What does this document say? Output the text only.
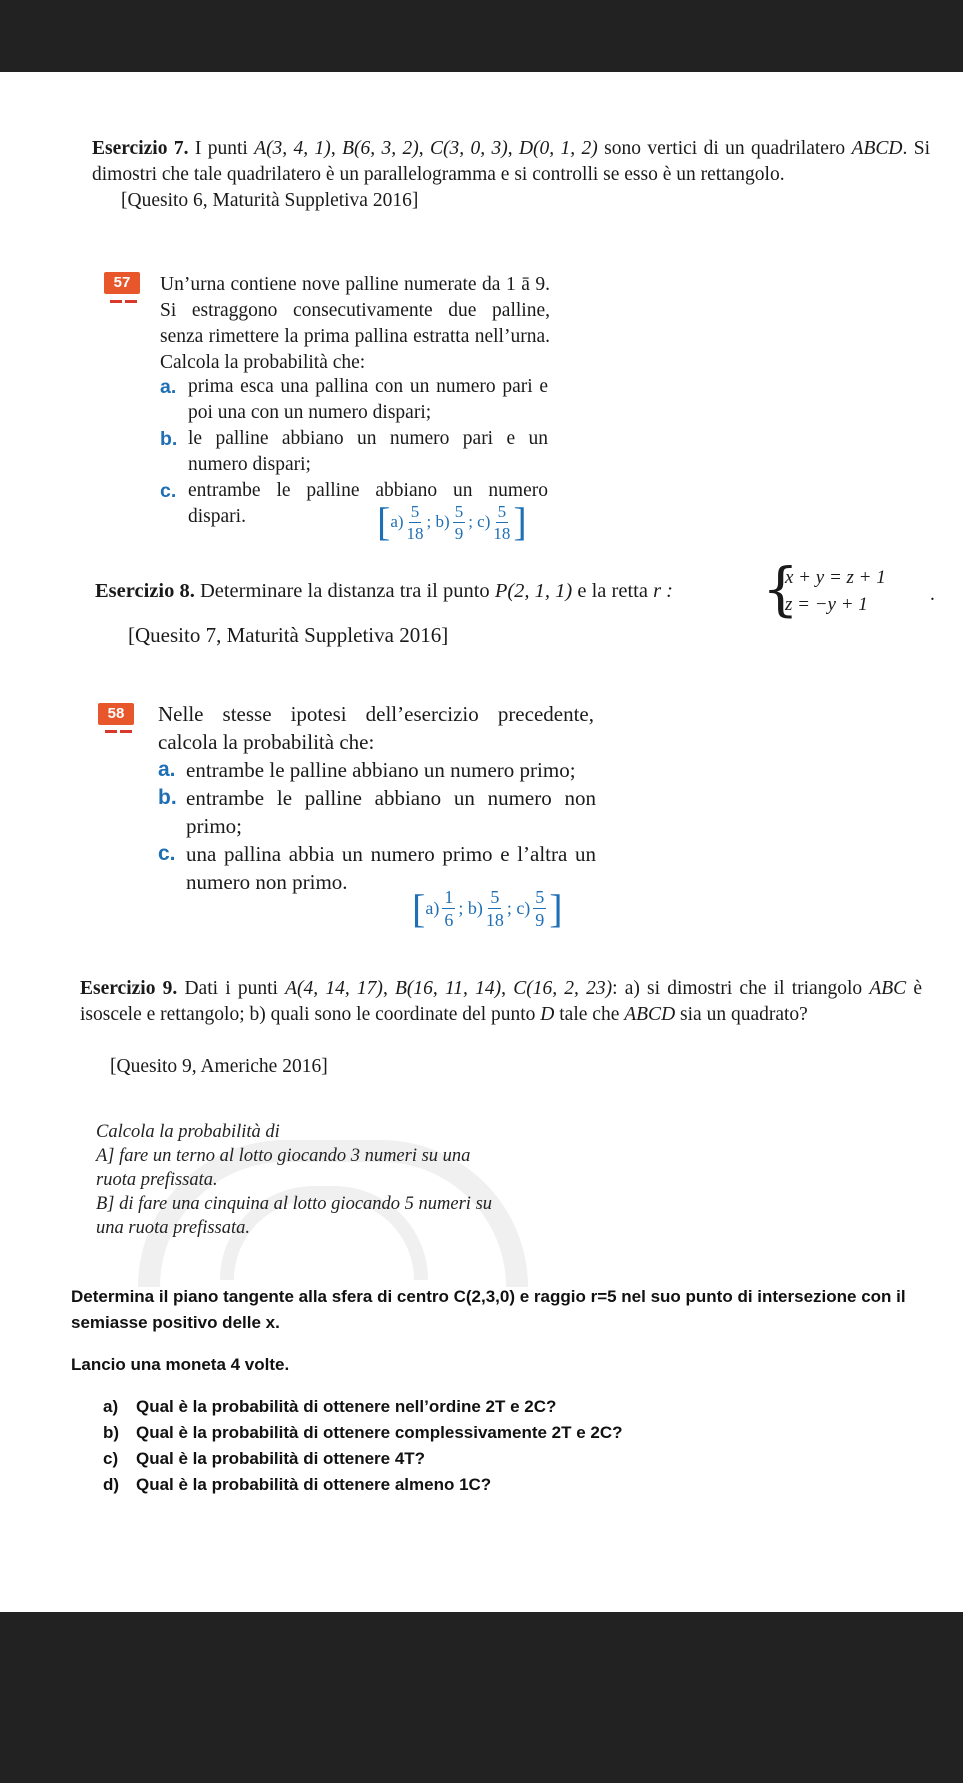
Esercizio 7. I punti A(3, 4, 1), B(6, 3, 2), C(3, 0, 3), D(0, 1, 2) sono vertici di un quadrilatero ABCD. Si dimostri che tale quadrilatero è un parallelogramma e si controlli se esso è un rettangolo.
[Quesito 6, Maturità Suppletiva 2016]
57	Un’urna contiene nove palline numerate da 1 ā 9. Si estraggono consecutivamente due palline, senza rimettere la prima pallina estratta nell’urna. Calcola la probabilità che:
a. prima esca una pallina con un numero pari e poi una con un numero dispari;
b. le palline abbiano un numero pari e un numero dispari;
c. entrambe le palline abbiano un numero dispari.	[ $a) \frac{5}{18}$ ; $b) \frac{5}{9}$ ; $c) \frac{5}{18}$ ]
Esercizio 8. Determinare la distanza tra il punto P(2, 1, 1) e la retta r :	{
x + y = z + 1
z = −y + 1	.
[Quesito 7, Maturità Suppletiva 2016]
58	Nelle stesse ipotesi dell’esercizio precedente, calcola la probabilità che:
a. entrambe le palline abbiano un numero primo;
b. entrambe le palline abbiano un numero non primo;
c. una pallina abbia un numero primo e l’altra un numero non primo.
[ $a) \frac{1}{6}$ ; $b) \frac{5}{18}$ ; $c) \frac{5}{9}$ ]
Esercizio 9. Dati i punti A(4, 14, 17), B(16, 11, 14), C(16, 2, 23): a) si dimostri che il triangolo ABC è isoscele e rettangolo; b) quali sono le coordinate del punto D tale che ABCD sia un quadrato?
[Quesito 9, Americhe 2016]
Calcola la probabilità di
A] fare un terno al lotto giocando 3 numeri su una
ruota prefissata.
B] di fare una cinquina al lotto giocando 5 numeri su
una ruota prefissata.
Determina il piano tangente alla sfera di centro C(2,3,0) e raggio r=5 nel suo punto di intersezione con il semiasse positivo delle x.
Lancio una moneta 4 volte.
a) Qual è la probabilità di ottenere nell’ordine 2T e 2C?
b) Qual è la probabilità di ottenere complessivamente 2T e 2C?
c) Qual è la probabilità di ottenere 4T?
d) Qual è la probabilità di ottenere almeno 1C?
